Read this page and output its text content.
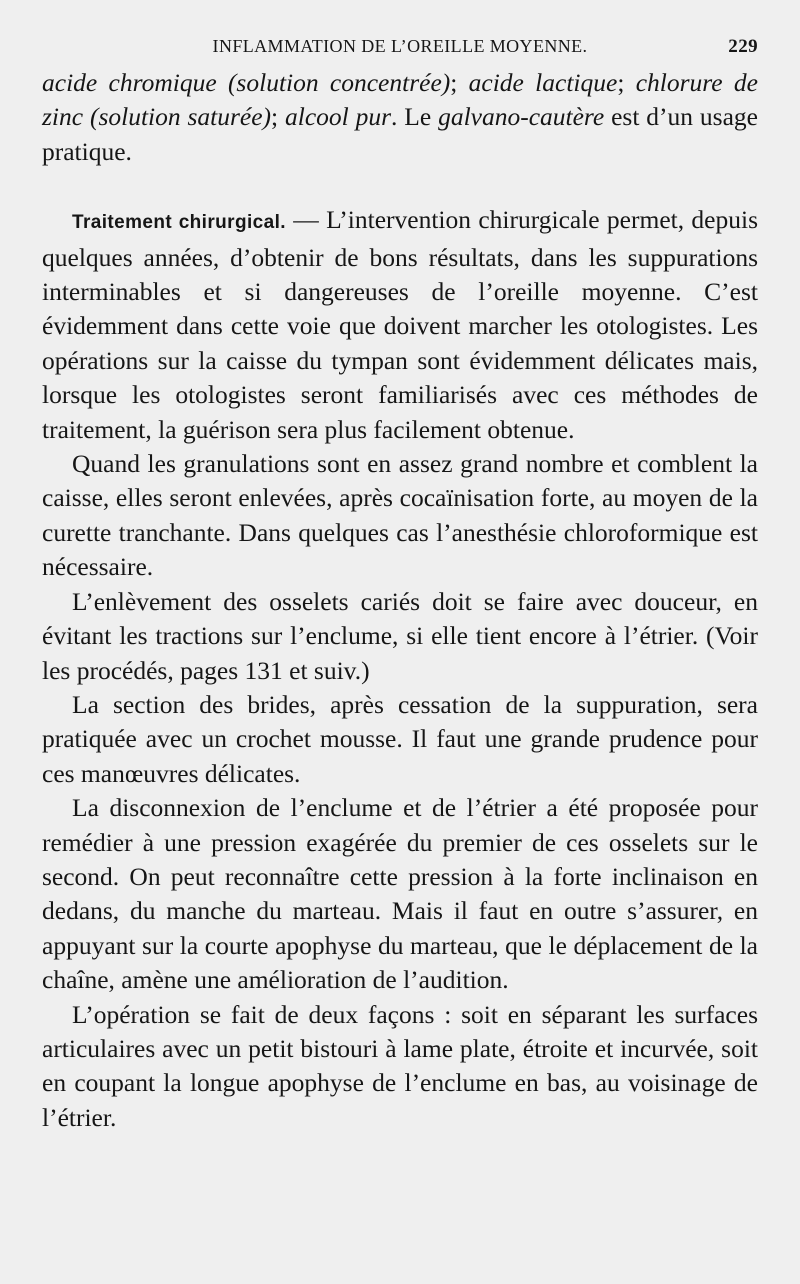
INFLAMMATION DE L’OREILLE MOYENNE.	229

acide chromique (solution concentrée); acide lactique; chlorure de zinc (solution saturée); alcool pur. Le galvano-cautère est d’un usage pratique.

Traitement chirurgical. — L’intervention chirurgicale permet, depuis quelques années, d’obtenir de bons résultats, dans les suppurations interminables et si dangereuses de l’oreille moyenne. C’est évidemment dans cette voie que doivent marcher les otologistes. Les opérations sur la caisse du tympan sont évidemment délicates mais, lorsque les otologistes seront familiarisés avec ces méthodes de traitement, la guérison sera plus facilement obtenue.

Quand les granulations sont en assez grand nombre et comblent la caisse, elles seront enlevées, après cocaïnisation forte, au moyen de la curette tranchante. Dans quelques cas l’anesthésie chloroformique est nécessaire.

L’enlèvement des osselets cariés doit se faire avec douceur, en évitant les tractions sur l’enclume, si elle tient encore à l’étrier. (Voir les procédés, pages 131 et suiv.)

La section des brides, après cessation de la suppuration, sera pratiquée avec un crochet mousse. Il faut une grande prudence pour ces manœuvres délicates.

La disconnexion de l’enclume et de l’étrier a été proposée pour remédier à une pression exagérée du premier de ces osselets sur le second. On peut reconnaître cette pression à la forte inclinaison en dedans, du manche du marteau. Mais il faut en outre s’assurer, en appuyant sur la courte apophyse du marteau, que le déplacement de la chaîne, amène une amélioration de l’audition.

L’opération se fait de deux façons : soit en séparant les surfaces articulaires avec un petit bistouri à lame plate, étroite et incurvée, soit en coupant la longue apophyse de l’enclume en bas, au voisinage de l’étrier.
